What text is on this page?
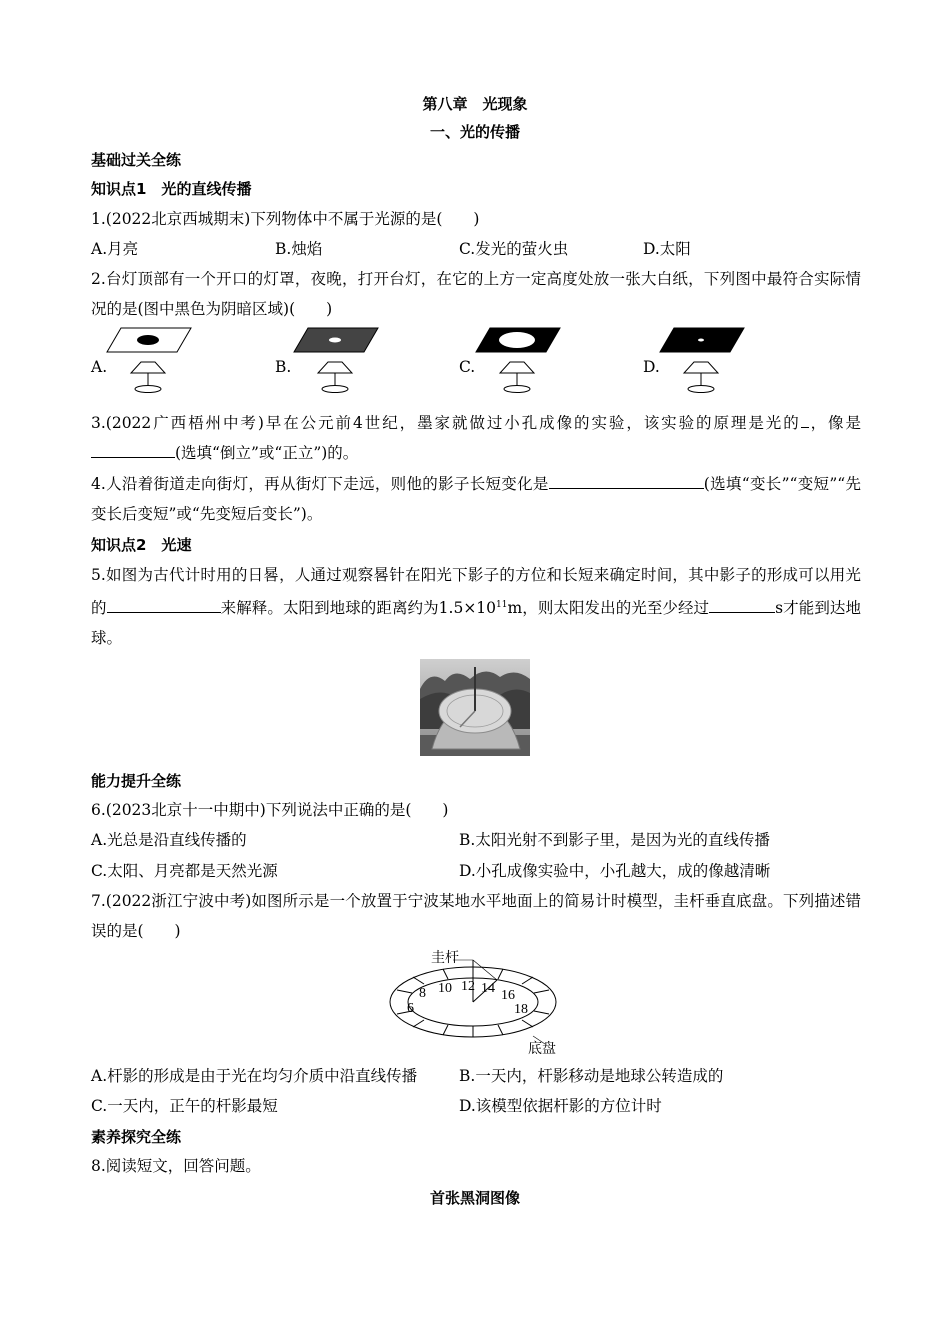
第八章　光现象
一、光的传播
基础过关全练
知识点1　光的直线传播
1.(2022北京西城期末)下列物体中不属于光源的是(　　)
A.月亮	B.烛焰	C.发光的萤火虫	D.太阳
2.台灯顶部有一个开口的灯罩，夜晚，打开台灯，在它的上方一定高度处放一张大白纸，下列图中最符合实际情况的是(图中黑色为阴暗区域)(　　)
A.	B.	C.	D.
3.(2022广西梧州中考)早在公元前4世纪，墨家就做过小孔成像的实验，该实验的原理是光的 ，像是(选填“倒立”或“正立”)的。
4.人沿着街道走向街灯，再从街灯下走远，则他的影子长短变化是	(选填“变长”“变短”“先变长后变短”或“先变短后变长”)。
知识点2　光速
5.如图为古代计时用的日晷，人通过观察晷针在阳光下影子的方位和长短来确定时间，其中影子的形成可以用光的	来解释。太阳到地球的距离约为$1.5\times 10^{11}m$，则太阳发出的光至少经过	s才能到达地球。
能力提升全练
6.(2023北京十一中期中)下列说法中正确的是(　　)
A.光总是沿直线传播的	B.太阳光射不到影子里，是因为光的直线传播
C.太阳、月亮都是天然光源	D.小孔成像实验中，小孔越大，成的像越清晰
7.(2022浙江宁波中考)如图所示是一个放置于宁波某地水平地面上的简易计时模型，圭杆垂直底盘。下列描述错误的是(　　)
6
8 10 12 14 16
18
圭杆
底盘
A.杆影的形成是由于光在均匀介质中沿直线传播	B.一天内，杆影移动是地球公转造成的
C.一天内，正午的杆影最短	D.该模型依据杆影的方位计时
素养探究全练
8.阅读短文，回答问题。
首张黑洞图像
